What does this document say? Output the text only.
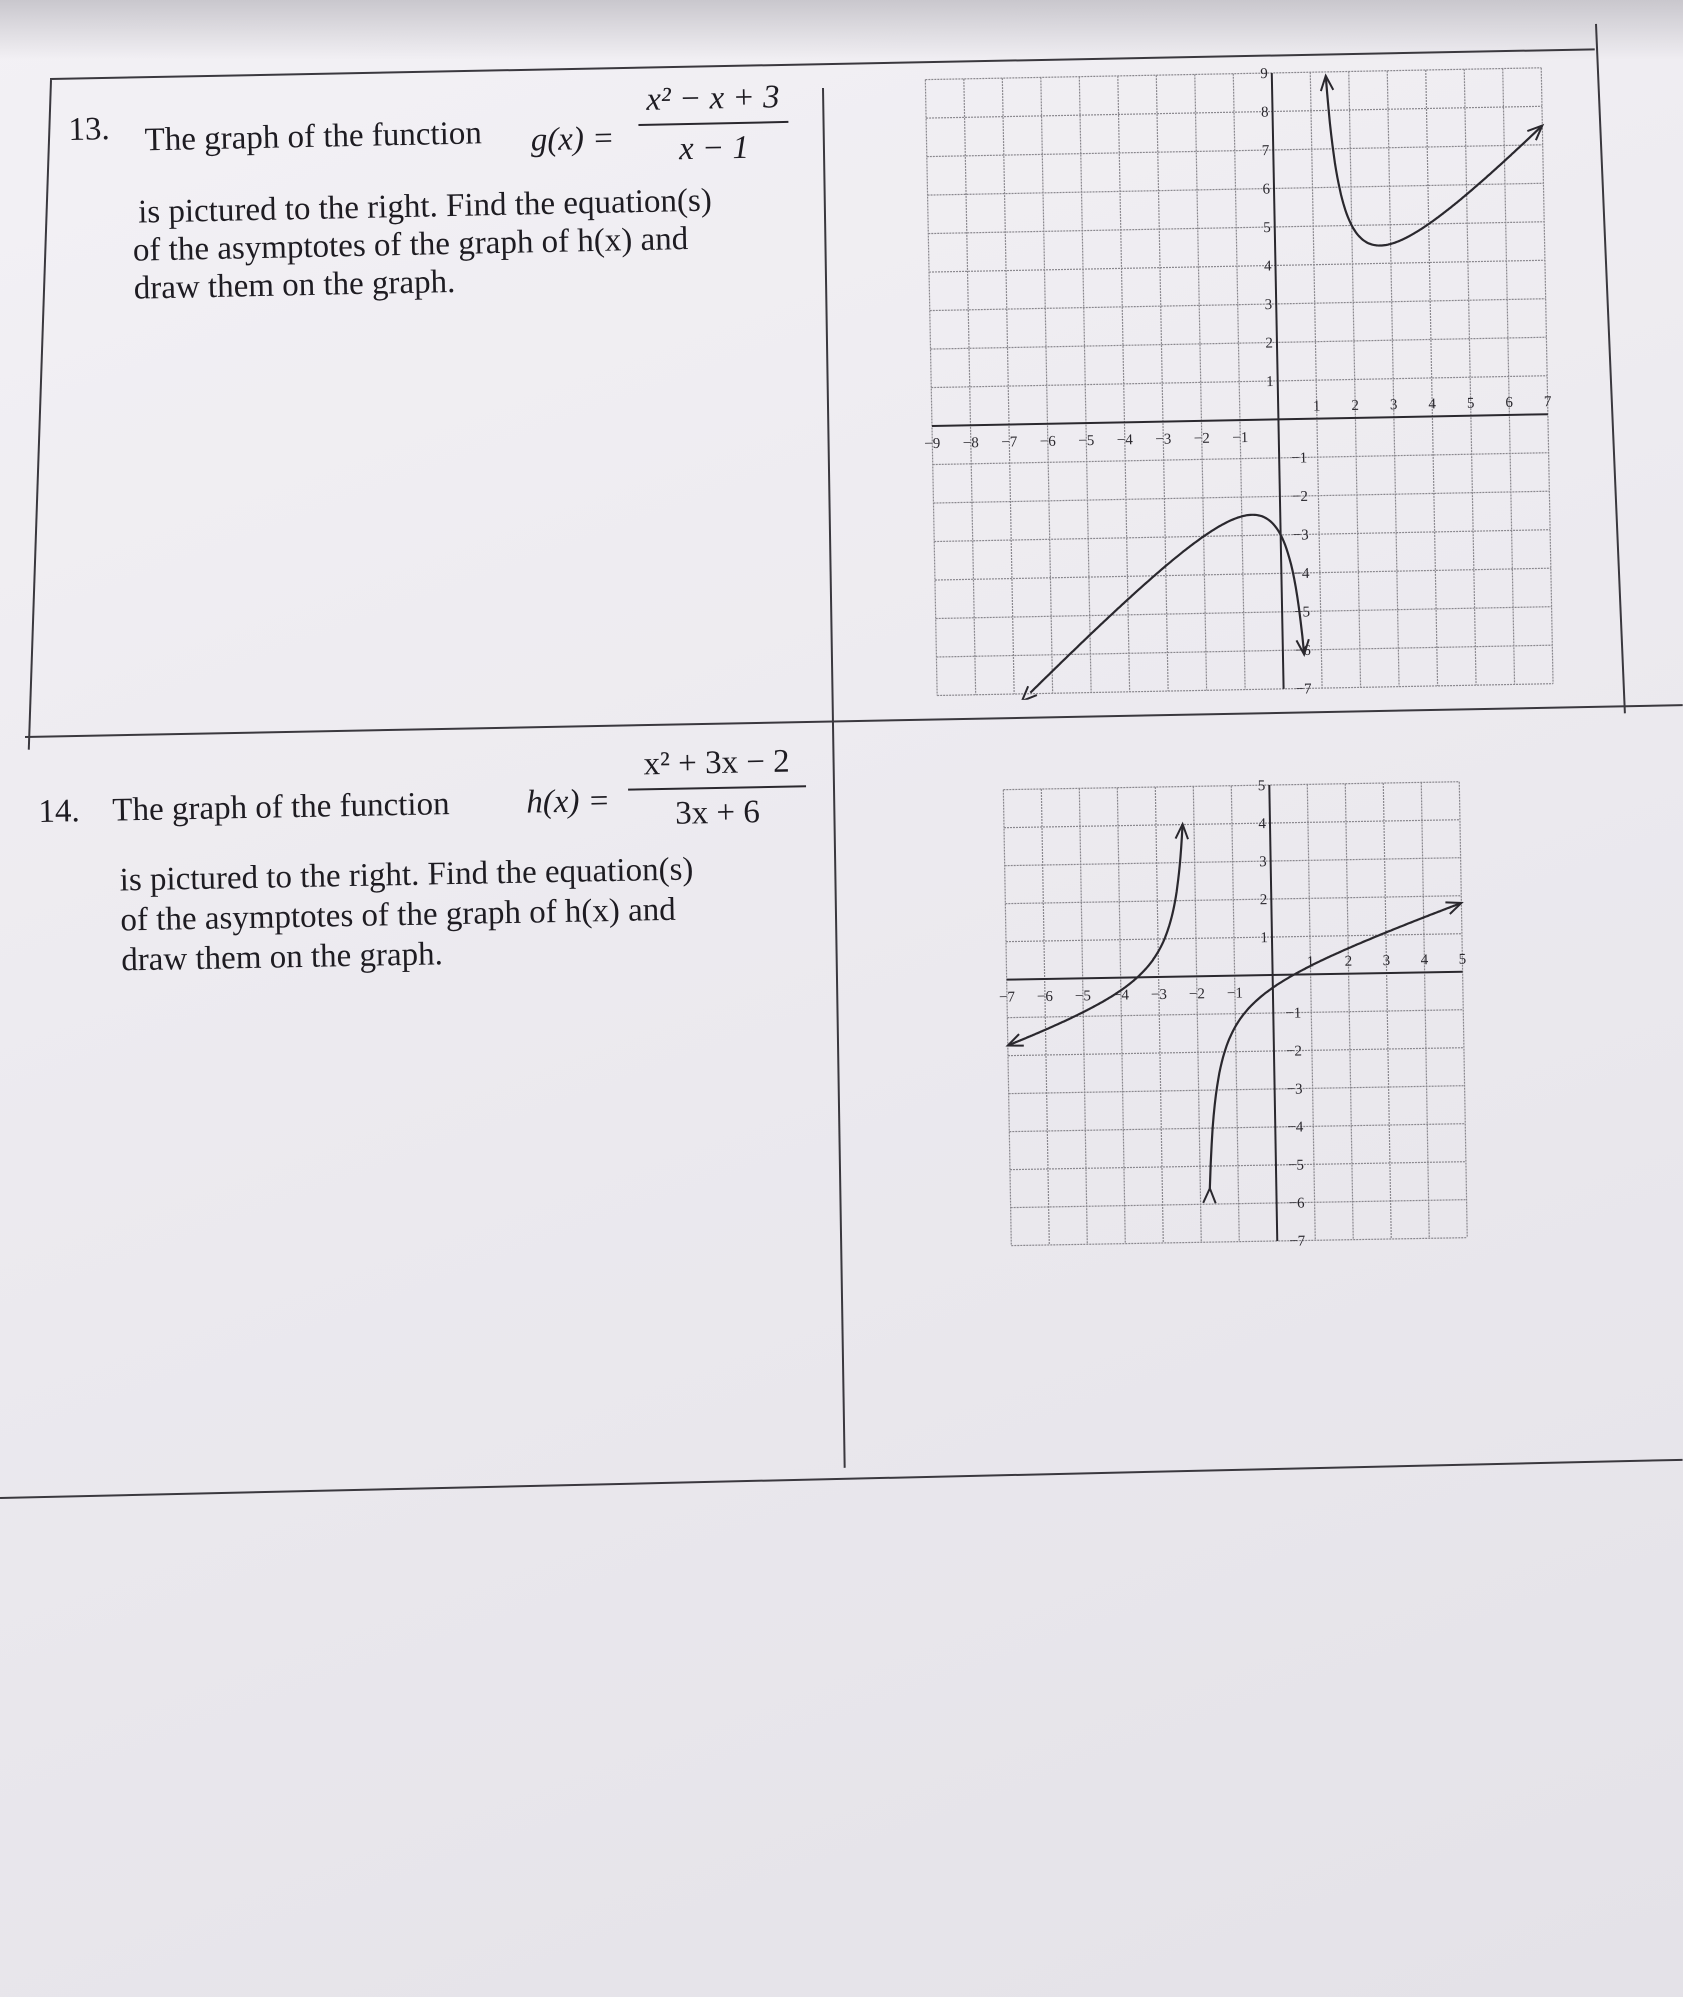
13. The graph of the function g(x) =
x² − x + 3
x − 1
is pictured to the right. Find the equation(s)
of the asymptotes of the graph of h(x) and
draw them on the graph.
14. The graph of the function h(x) =
x² + 3x − 2
3x + 6
is pictured to the right. Find the equation(s)
of the asymptotes of the graph of h(x) and
draw them on the graph.
−9 −8 −7 −6 −5 −4 −3 −2 −1
1 2 3 4 5 6 7
9
8
7
6
5
4
3
2
1
−1
−2
−3
−4
−5
−6
−7
−7 −6 −5 −4 −3 −2 −1
1 2 3 4 5
5
4
3
2
1
−1
−2
−3
−4
−5
−6
−7
